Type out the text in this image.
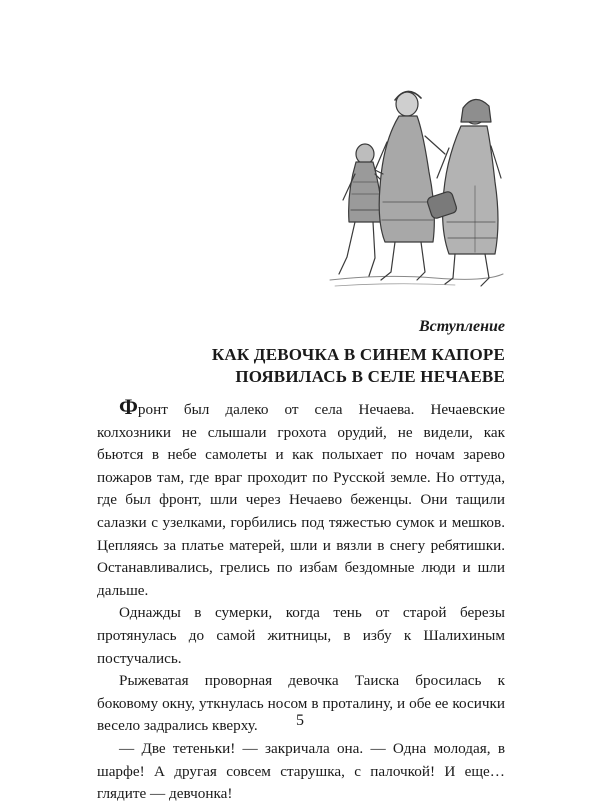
Вступление
КАК ДЕВОЧКА В СИНЕМ КАПОРЕ
ПОЯВИЛАСЬ В СЕЛЕ НЕЧАЕВЕ

Фронт был далеко от села Нечаева. Нечаевские колхозники не слышали грохота орудий, не видели, как бьются в небе самолеты и как полыхает по ночам зарево пожаров там, где враг проходит по Русской земле. Но оттуда, где был фронт, шли через Нечаево беженцы. Они тащили салазки с узелками, горбились под тяжестью сумок и мешков. Цепляясь за платье матерей, шли и вязли в снегу ребятишки. Останавливались, грелись по избам бездомные люди и шли дальше.

Однажды в сумерки, когда тень от старой березы протянулась до самой житницы, в избу к Шалихиным постучались.

Рыжеватая проворная девочка Таиска бросилась к боковому окну, уткнулась носом в проталину, и обе ее косички весело задрались кверху.

— Две тетеньки! — закричала она. — Одна молодая, в шарфе! А другая совсем старушка, с палочкой! И еще… глядите — девчонка!

5
